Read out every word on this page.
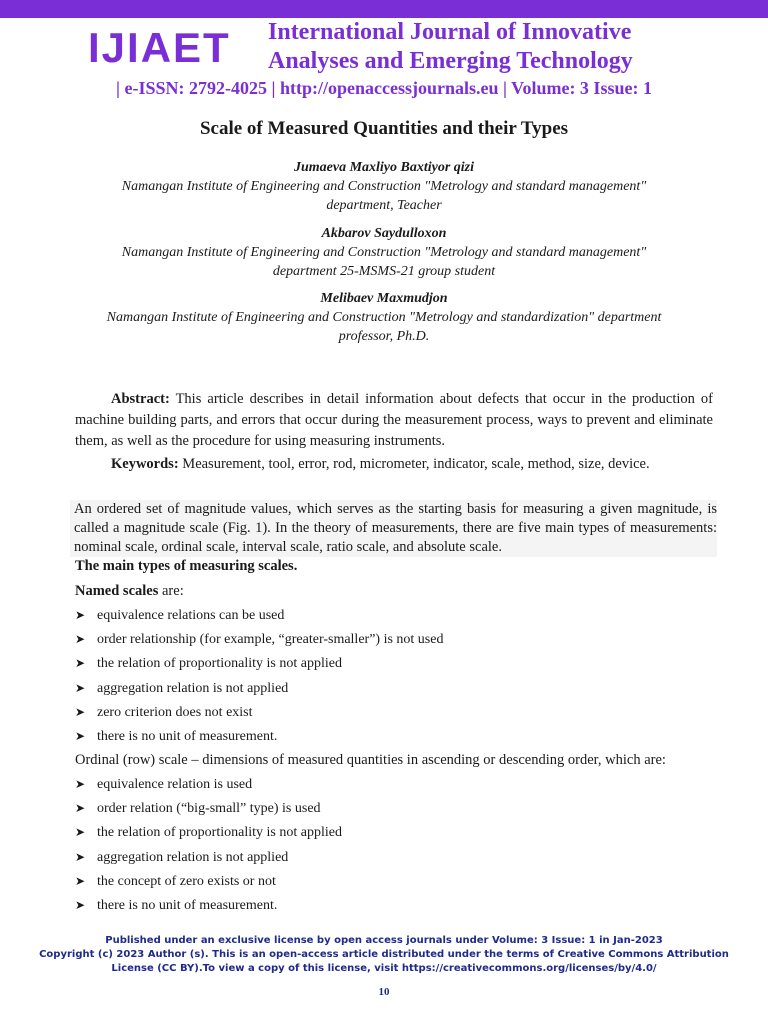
IJIAET International Journal of Innovative
Analyses and Emerging Technology
| e-ISSN: 2792-4025 | http://openaccessjournals.eu | Volume: 3 Issue: 1
Scale of Measured Quantities and their Types
Jumaeva Maxliyo Baxtiyor qizi
Namangan Institute of Engineering and Construction "Metrology and standard management"
department, Teacher
Akbarov Saydulloxon
Namangan Institute of Engineering and Construction "Metrology and standard management"
department 25-MSMS-21 group student
Melibaev Maxmudjon
Namangan Institute of Engineering and Construction "Metrology and standardization" department
professor, Ph.D.
Abstract: This article describes in detail information about defects that occur in the production of machine building parts, and errors that occur during the measurement process, ways to prevent and eliminate them, as well as the procedure for using measuring instruments.
Keywords: Measurement, tool, error, rod, micrometer, indicator, scale, method, size, device.
An ordered set of magnitude values, which serves as the starting basis for measuring a given magnitude, is called a magnitude scale (Fig. 1). In the theory of measurements, there are five main types of measurements: nominal scale, ordinal scale, interval scale, ratio scale, and absolute scale.
The main types of measuring scales.
Named scales are:
➤ equivalence relations can be used
➤ order relationship (for example, “greater-smaller”) is not used
➤ the relation of proportionality is not applied
➤ aggregation relation is not applied
➤ zero criterion does not exist
➤ there is no unit of measurement.
Ordinal (row) scale – dimensions of measured quantities in ascending or descending order, which are:
➤ equivalence relation is used
➤ order relation (“big-small” type) is used
➤ the relation of proportionality is not applied
➤ aggregation relation is not applied
➤ the concept of zero exists or not
➤ there is no unit of measurement.
Published under an exclusive license by open access journals under Volume: 3 Issue: 1 in Jan-2023
Copyright (c) 2023 Author (s). This is an open-access article distributed under the terms of Creative Commons Attribution
License (CC BY).To view a copy of this license, visit https://creativecommons.org/licenses/by/4.0/
10
